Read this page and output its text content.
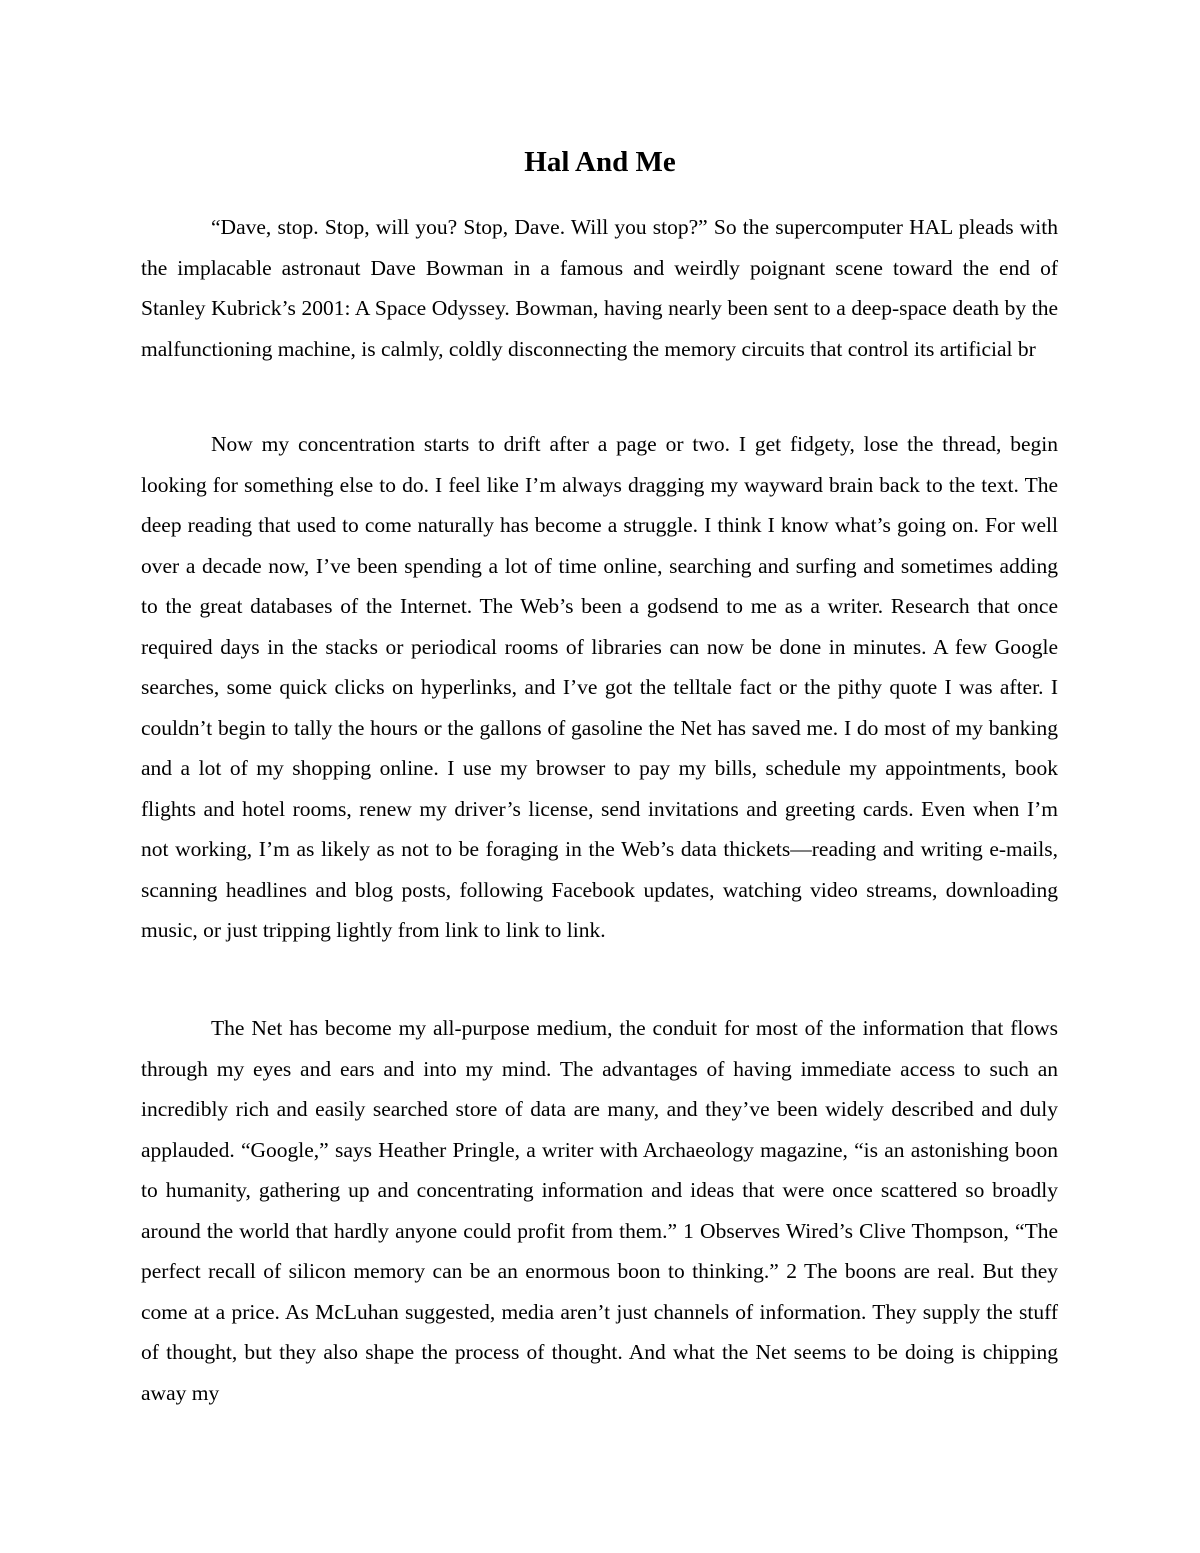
Hal And Me

“Dave, stop. Stop, will you? Stop, Dave. Will you stop?” So the supercomputer HAL pleads with the implacable astronaut Dave Bowman in a famous and weirdly poignant scene toward the end of Stanley Kubrick’s 2001: A Space Odyssey. Bowman, having nearly been sent to a deep-space death by the malfunctioning machine, is calmly, coldly disconnecting the memory circuits that control its artificial br

Now my concentration starts to drift after a page or two. I get fidgety, lose the thread, begin looking for something else to do. I feel like I’m always dragging my wayward brain back to the text. The deep reading that used to come naturally has become a struggle. I think I know what’s going on. For well over a decade now, I’ve been spending a lot of time online, searching and surfing and sometimes adding to the great databases of the Internet. The Web’s been a godsend to me as a writer. Research that once required days in the stacks or periodical rooms of libraries can now be done in minutes. A few Google searches, some quick clicks on hyperlinks, and I’ve got the telltale fact or the pithy quote I was after. I couldn’t begin to tally the hours or the gallons of gasoline the Net has saved me. I do most of my banking and a lot of my shopping online. I use my browser to pay my bills, schedule my appointments, book flights and hotel rooms, renew my driver’s license, send invitations and greeting cards. Even when I’m not working, I’m as likely as not to be foraging in the Web’s data thickets—reading and writing e-mails, scanning headlines and blog posts, following Facebook updates, watching video streams, downloading music, or just tripping lightly from link to link to link.

The Net has become my all-purpose medium, the conduit for most of the information that flows through my eyes and ears and into my mind. The advantages of having immediate access to such an incredibly rich and easily searched store of data are many, and they’ve been widely described and duly applauded. “Google,” says Heather Pringle, a writer with Archaeology magazine, “is an astonishing boon to humanity, gathering up and concentrating information and ideas that were once scattered so broadly around the world that hardly anyone could profit from them.” 1 Observes Wired’s Clive Thompson, “The perfect recall of silicon memory can be an enormous boon to thinking.” 2 The boons are real. But they come at a price. As McLuhan suggested, media aren’t just channels of information. They supply the stuff of thought, but they also shape the process of thought. And what the Net seems to be doing is chipping away my
